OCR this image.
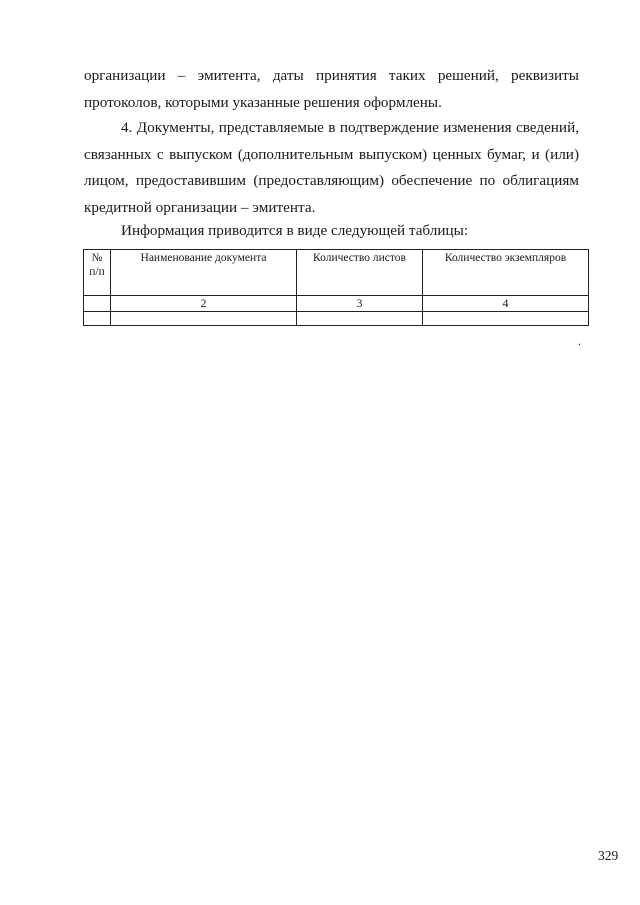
организации – эмитента, даты принятия таких решений, реквизиты
протоколов, которыми указанные решения оформлены.

4. Документы, представляемые в подтверждение изменения сведений,
связанных с выпуском (дополнительным выпуском) ценных бумаг, и (или)
лицом, предоставившим (предоставляющим) обеспечение по облигациям
кредитной организации – эмитента.

Информация приводится в виде следующей таблицы:
№ п/п	Наименование документа	Количество листов	Количество экземпляров
	2	3	4

.
329
